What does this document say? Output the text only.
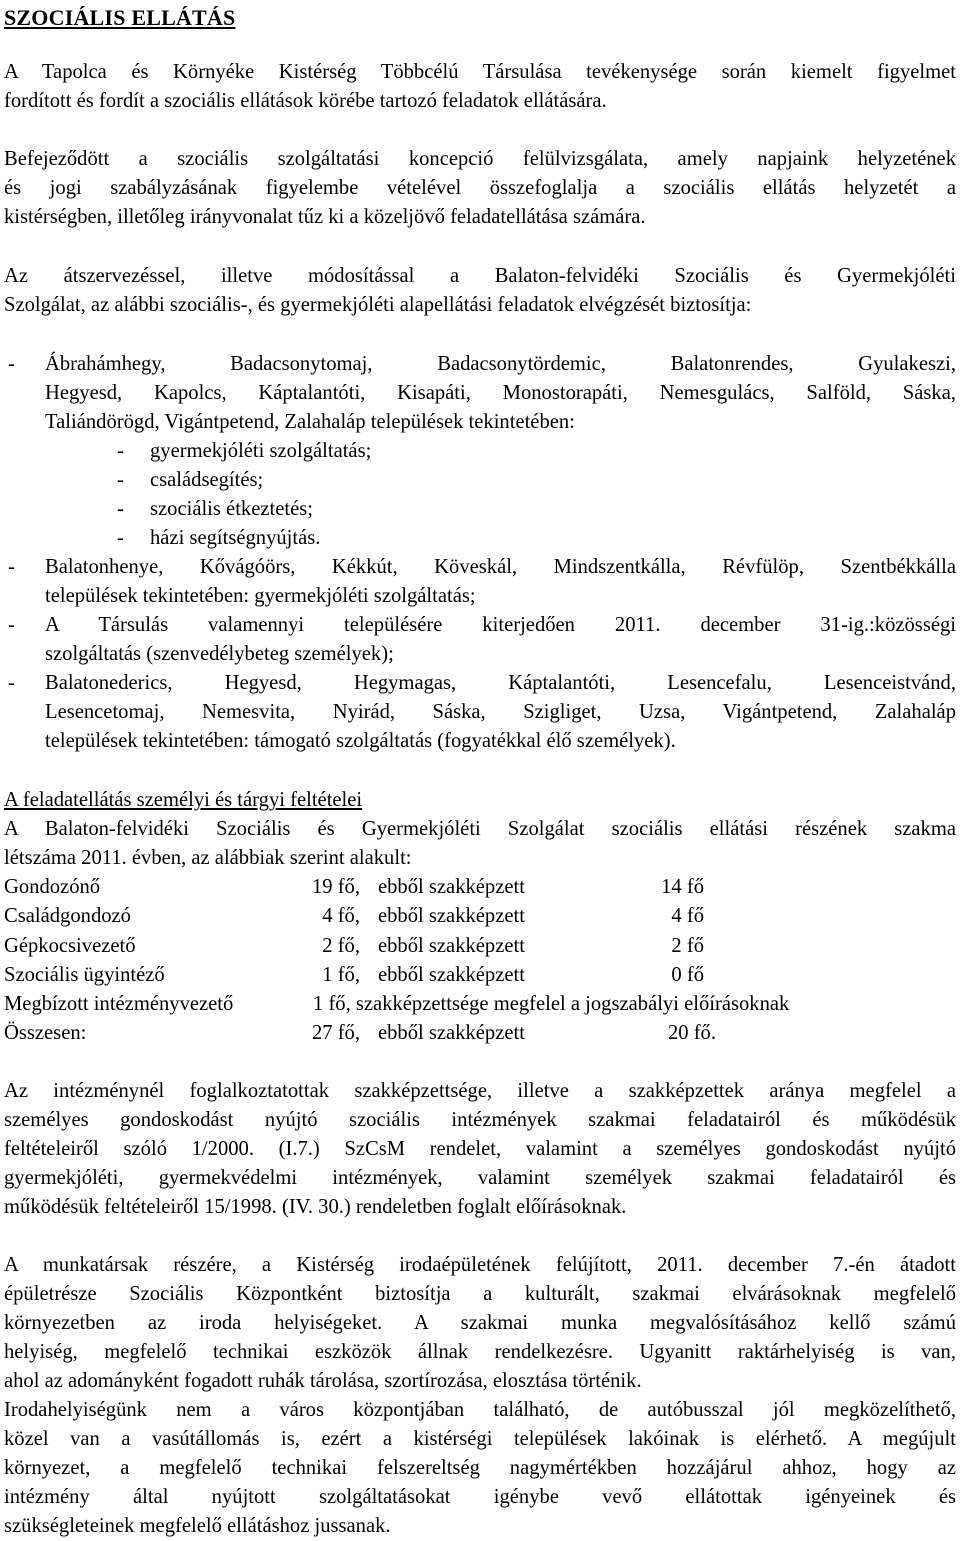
SZOCIÁLIS ELLÁTÁS
A Tapolca és Környéke Kistérség Többcélú Társulása tevékenysége során kiemelt figyelmet
fordított és fordít a szociális ellátások körébe tartozó feladatok ellátására.
Befejeződött a szociális szolgáltatási koncepció felülvizsgálata, amely napjaink helyzetének
és jogi szabályzásának figyelembe vételével összefoglalja a szociális ellátás helyzetét a
kistérségben, illetőleg irányvonalat tűz ki a közeljövő feladatellátása számára.
Az átszervezéssel, illetve módosítással a Balaton-felvidéki Szociális és Gyermekjóléti
Szolgálat, az alábbi szociális-, és gyermekjóléti alapellátási feladatok elvégzését biztosítja:
- Ábrahámhegy, Badacsonytomaj, Badacsonytördemic, Balatonrendes, Gyulakeszi,
Hegyesd, Kapolcs, Káptalantóti, Kisapáti, Monostorapáti, Nemesgulács, Salföld, Sáska,
Taliándörögd, Vigántpetend, Zalahaláp települések tekintetében:
- gyermekjóléti szolgáltatás;
- családsegítés;
- szociális étkeztetés;
- házi segítségnyújtás.
- Balatonhenye, Kővágóörs, Kékkút, Köveskál, Mindszentkálla, Révfülöp, Szentbékkálla
települések tekintetében: gyermekjóléti szolgáltatás;
- A Társulás valamennyi településére kiterjedően 2011. december 31-ig.:közösségi
szolgáltatás (szenvedélybeteg személyek);
- Balatonederics, Hegyesd, Hegymagas, Káptalantóti, Lesencefalu, Lesenceistvánd,
Lesencetomaj, Nemesvita, Nyirád, Sáska, Szigliget, Uzsa, Vigántpetend, Zalahaláp
települések tekintetében: támogató szolgáltatás (fogyatékkal élő személyek).
A feladatellátás személyi és tárgyi feltételei
A Balaton-felvidéki Szociális és Gyermekjóléti Szolgálat szociális ellátási részének szakma
létszáma 2011. évben, az alábbiak szerint alakult:
Gondozónő	19 fő, ebből szakképzett	14 fő
Családgondozó	4 fő, ebből szakképzett	4 fő
Gépkocsivezető	2 fő, ebből szakképzett	2 fő
Szociális ügyintéző	1 fő, ebből szakképzett	0 fő
Megbízott intézményvezető	1 fő, szakképzettsége megfelel a jogszabályi előírásoknak
Összesen:	27 fő, ebből szakképzett	20 fő.
Az intézménynél foglalkoztatottak szakképzettsége, illetve a szakképzettek aránya megfelel a
személyes gondoskodást nyújtó szociális intézmények szakmai feladatairól és működésük
feltételeiről szóló 1/2000. (I.7.) SzCsM rendelet, valamint a személyes gondoskodást nyújtó
gyermekjóléti, gyermekvédelmi intézmények, valamint személyek szakmai feladatairól és
működésük feltételeiről 15/1998. (IV. 30.) rendeletben foglalt előírásoknak.
A munkatársak részére, a Kistérség irodaépületének felújított, 2011. december 7.-én átadott
épületrésze Szociális Központként biztosítja a kulturált, szakmai elvárásoknak megfelelő
környezetben az iroda helyiségeket. A szakmai munka megvalósításához kellő számú
helyiség, megfelelő technikai eszközök állnak rendelkezésre. Ugyanitt raktárhelyiség is van,
ahol az adományként fogadott ruhák tárolása, szortírozása, elosztása történik.
Irodahelyiségünk nem a város központjában található, de autóbusszal jól megközelíthető,
közel van a vasútállomás is, ezért a kistérségi települések lakóinak is elérhető. A megújult
környezet, a megfelelő technikai felszereltség nagymértékben hozzájárul ahhoz, hogy az
intézmény által nyújtott szolgáltatásokat igénybe vevő ellátottak igényeinek és
szükségleteinek megfelelő ellátáshoz jussanak.
